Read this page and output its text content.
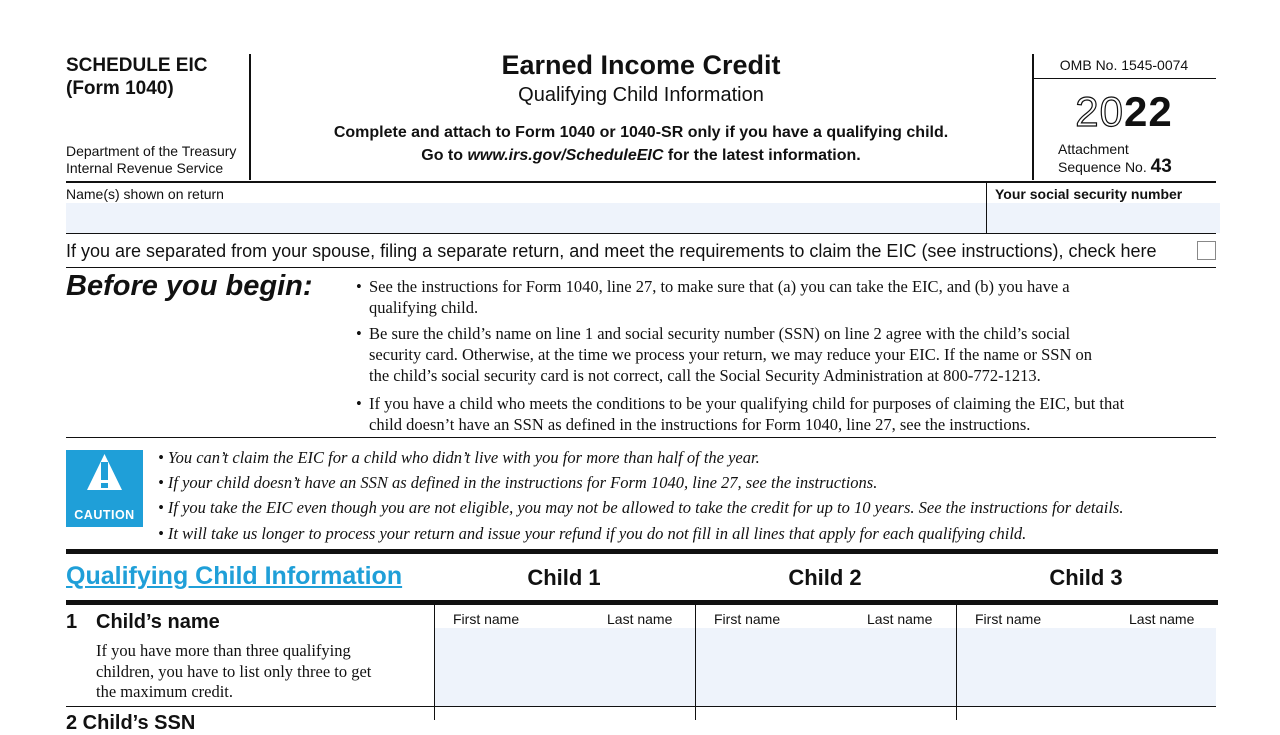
SCHEDULE EIC
(Form 1040)
Department of the Treasury
Internal Revenue Service
Earned Income Credit
Qualifying Child Information
Complete and attach to Form 1040 or 1040-SR only if you have a qualifying child.
Go to www.irs.gov/ScheduleEIC for the latest information.
OMB No. 1545-0074
2022
Attachment
Sequence No. 43
Name(s) shown on return	Your social security number
If you are separated from your spouse, filing a separate return, and meet the requirements to claim the EIC (see instructions), check here
Before you begin:	• See the instructions for Form 1040, line 27, to make sure that (a) you can take the EIC, and (b) you have a
qualifying child.
• Be sure the child’s name on line 1 and social security number (SSN) on line 2 agree with the child’s social
security card. Otherwise, at the time we process your return, we may reduce your EIC. If the name or SSN on
the child’s social security card is not correct, call the Social Security Administration at 800-772-1213.
• If you have a child who meets the conditions to be your qualifying child for purposes of claiming the EIC, but that
child doesn’t have an SSN as defined in the instructions for Form 1040, line 27, see the instructions.
CAUTION
• You can’t claim the EIC for a child who didn’t live with you for more than half of the year.
• If your child doesn’t have an SSN as defined in the instructions for Form 1040, line 27, see the instructions.
• If you take the EIC even though you are not eligible, you may not be allowed to take the credit for up to 10 years. See the instructions for details.
• It will take us longer to process your return and issue your refund if you do not fill in all lines that apply for each qualifying child.
Qualifying Child Information	Child 1	Child 2	Child 3
1 Child’s name
If you have more than three qualifying
children, you have to list only three to get
the maximum credit.
First name	Last name	First name	Last name	First name	Last name
2 Child’s SSN
